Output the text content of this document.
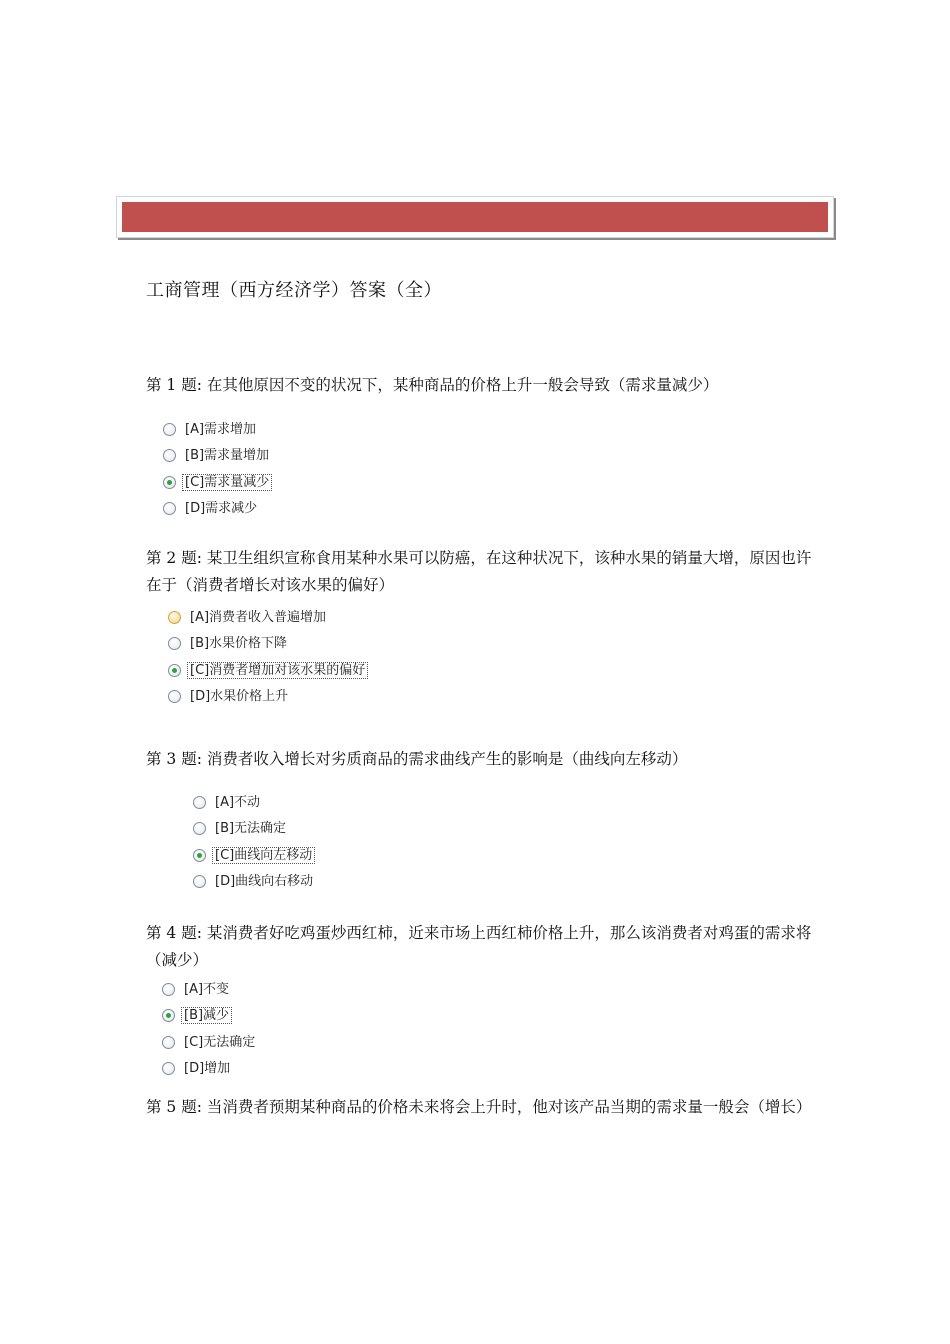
工商管理（西方经济学）答案（全）
第 1 题: 在其他原因不变的状况下，某种商品的价格上升一般会导致（需求量减少）
[A]需求增加
[B]需求量增加
[C]需求量减少
[D]需求减少
第 2 题: 某卫生组织宣称食用某种水果可以防癌，在这种状况下，该种水果的销量大增，原因也许在于（消费者增长对该水果的偏好）
[A]消费者收入普遍增加
[B]水果价格下降
[C]消费者增加对该水果的偏好
[D]水果价格上升
第 3 题: 消费者收入增长对劣质商品的需求曲线产生的影响是（曲线向左移动）
[A]不动
[B]无法确定
[C]曲线向左移动
[D]曲线向右移动
第 4 题: 某消费者好吃鸡蛋炒西红柿，近来市场上西红柿价格上升，那么该消费者对鸡蛋的需求将（减少）
[A]不变
[B]减少
[C]无法确定
[D]增加
第 5 题: 当消费者预期某种商品的价格未来将会上升时，他对该产品当期的需求量一般会（增长）
